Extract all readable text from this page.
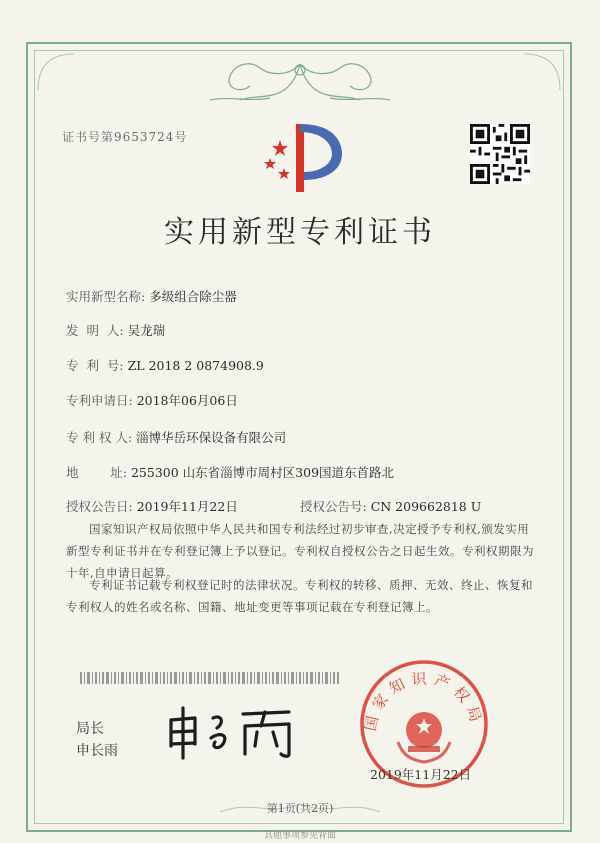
证书号第9653724号
实用新型专利证书
实用新型名称: 多级组合除尘器
发  明  人: 吴龙瑞
专  利  号: ZL 2018 2 0874908.9
专利申请日: 2018年06月06日
专 利 权 人: 淄博华岳环保设备有限公司
地        址: 255300 山东省淄博市周村区309国道东首路北
授权公告日: 2019年11月22日	授权公告号: CN 209662818 U
国家知识产权局依照中华人民共和国专利法经过初步审查,决定授予专利权,颁发实用新型专利证书并在专利登记簿上予以登记。专利权自授权公告之日起生效。专利权期限为十年,自申请日起算。
专利证书记载专利权登记时的法律状况。专利权的转移、质押、无效、终止、恢复和专利权人的姓名或名称、国籍、地址变更等事项记载在专利登记簿上。
局长
申长雨
国家知识产权局
2019年11月22日
第1页(共2页)
其他事项参见背面
